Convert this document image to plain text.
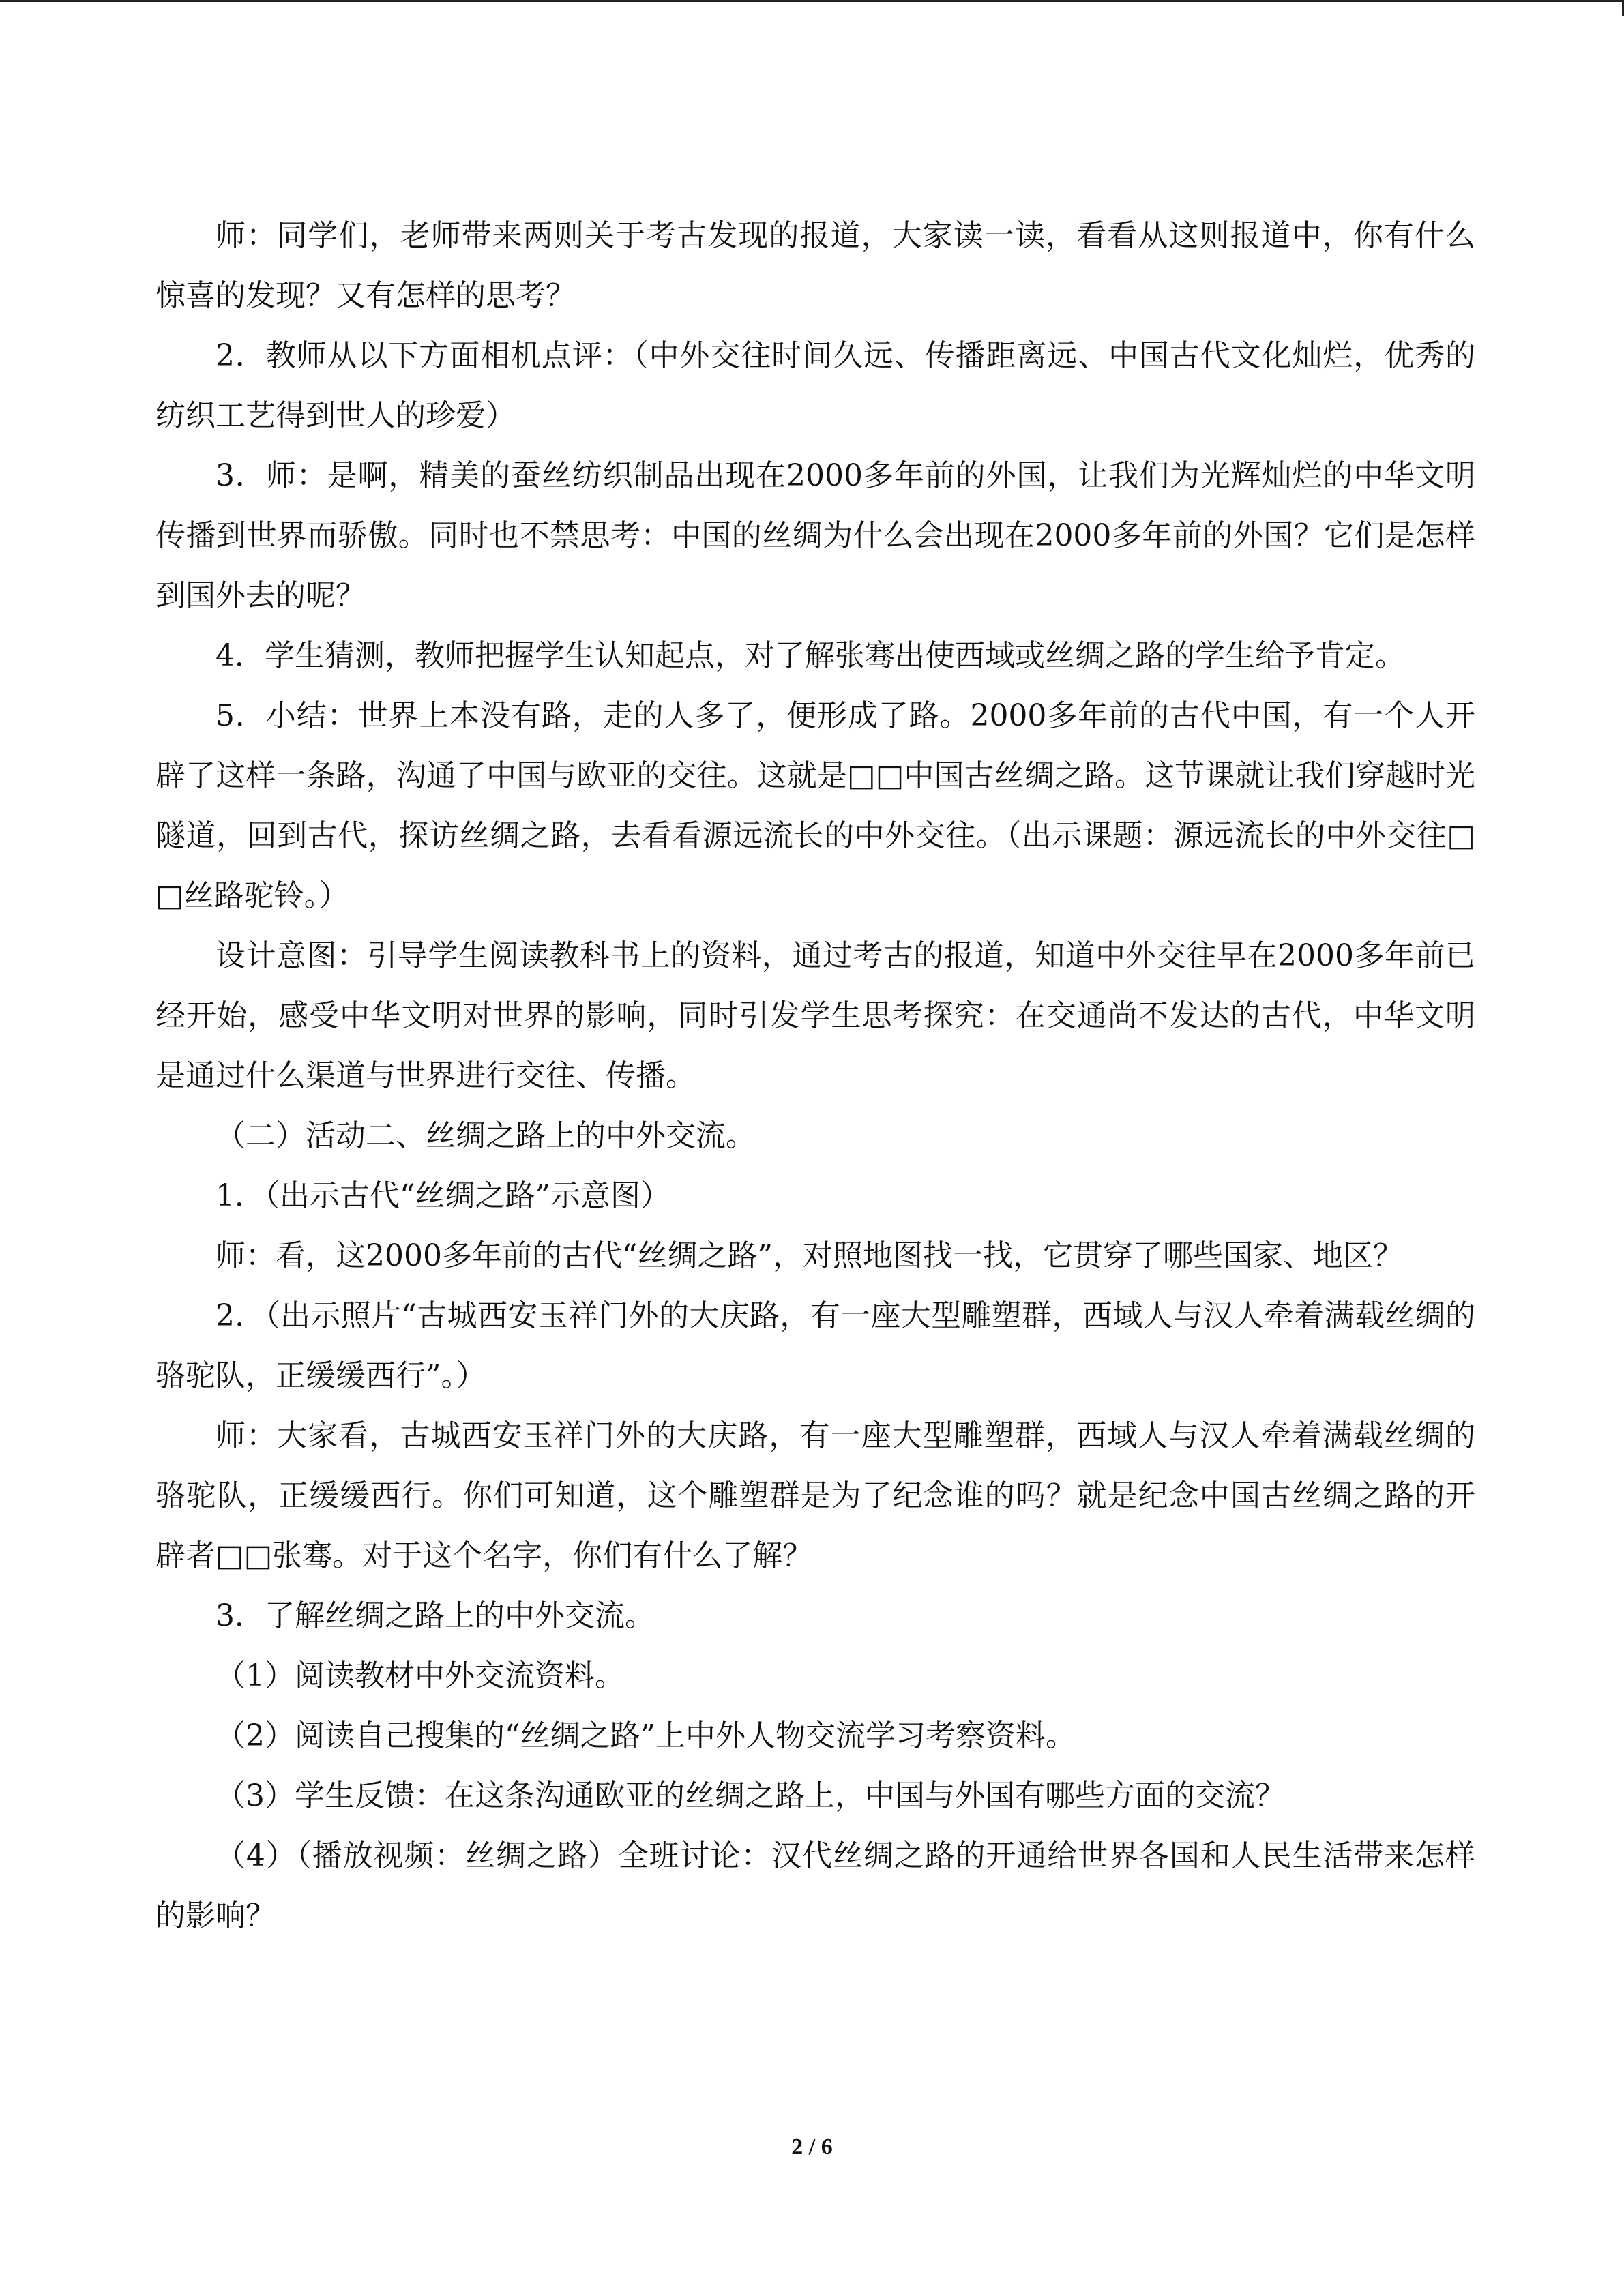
师：同学们，老师带来两则关于考古发现的报道，大家读一读，看看从这则报道中，你有什么惊喜的发现？又有怎样的思考？

2．教师从以下方面相机点评：（中外交往时间久远、传播距离远、中国古代文化灿烂，优秀的纺织工艺得到世人的珍爱）

3．师：是啊，精美的蚕丝纺织制品出现在2000多年前的外国，让我们为光辉灿烂的中华文明传播到世界而骄傲。同时也不禁思考：中国的丝绸为什么会出现在2000多年前的外国？它们是怎样到国外去的呢？

4．学生猜测，教师把握学生认知起点，对了解张骞出使西域或丝绸之路的学生给予肯定。

5．小结：世界上本没有路，走的人多了，便形成了路。2000多年前的古代中国，有一个人开辟了这样一条路，沟通了中国与欧亚的交往。这就是□□中国古丝绸之路。这节课就让我们穿越时光隧道，回到古代，探访丝绸之路，去看看源远流长的中外交往。（出示课题：源远流长的中外交往□□丝路驼铃。）

设计意图：引导学生阅读教科书上的资料，通过考古的报道，知道中外交往早在2000多年前已经开始，感受中华文明对世界的影响，同时引发学生思考探究：在交通尚不发达的古代，中华文明是通过什么渠道与世界进行交往、传播。

（二）活动二、丝绸之路上的中外交流。

1．（出示古代“丝绸之路”示意图）

师：看，这2000多年前的古代“丝绸之路”，对照地图找一找，它贯穿了哪些国家、地区？

2．（出示照片“古城西安玉祥门外的大庆路，有一座大型雕塑群，西域人与汉人牵着满载丝绸的骆驼队，正缓缓西行”。）

师：大家看，古城西安玉祥门外的大庆路，有一座大型雕塑群，西域人与汉人牵着满载丝绸的骆驼队，正缓缓西行。你们可知道，这个雕塑群是为了纪念谁的吗？就是纪念中国古丝绸之路的开辟者□□张骞。对于这个名字，你们有什么了解？

3．了解丝绸之路上的中外交流。

（1）阅读教材中外交流资料。

（2）阅读自己搜集的“丝绸之路”上中外人物交流学习考察资料。

（3）学生反馈：在这条沟通欧亚的丝绸之路上，中国与外国有哪些方面的交流？

（4）（播放视频：丝绸之路）全班讨论：汉代丝绸之路的开通给世界各国和人民生活带来怎样的影响？

2 / 6
